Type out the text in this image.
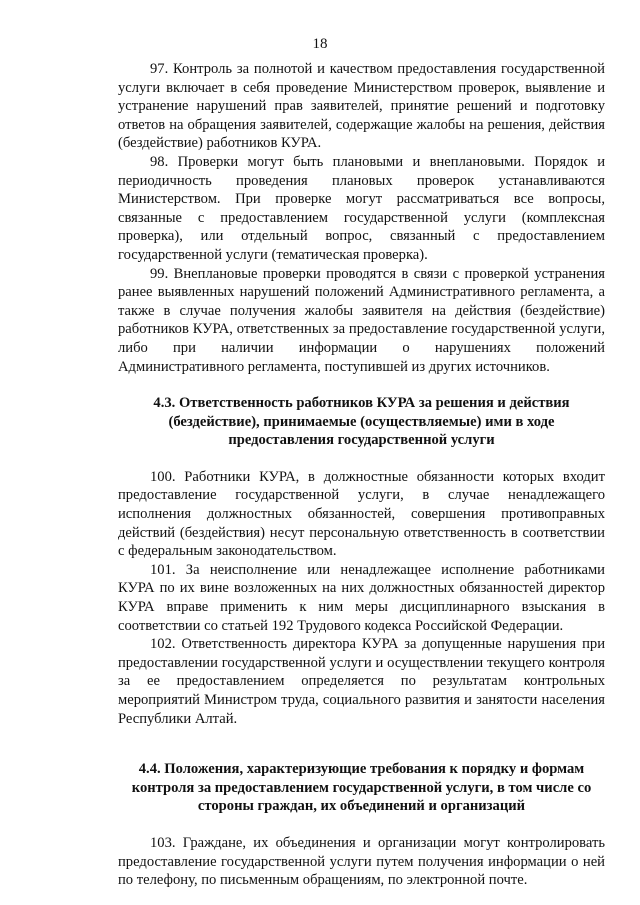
18

97. Контроль за полнотой и качеством предоставления государственной услуги включает в себя проведение Министерством проверок, выявление и устранение нарушений прав заявителей, принятие решений и подготовку ответов на обращения заявителей, содержащие жалобы на решения, действия (бездействие) работников КУРА.

98. Проверки могут быть плановыми и внеплановыми. Порядок и периодичность проведения плановых проверок устанавливаются Министерством. При проверке могут рассматриваться все вопросы, связанные с предоставлением государственной услуги (комплексная проверка), или отдельный вопрос, связанный с предоставлением государственной услуги (тематическая проверка).

99. Внеплановые проверки проводятся в связи с проверкой устранения ранее выявленных нарушений положений Административного регламента, а также в случае получения жалобы заявителя на действия (бездействие) работников КУРА, ответственных за предоставление государственной услуги, либо при наличии информации о нарушениях положений Административного регламента, поступившей из других источников.

4.3. Ответственность работников КУРА за решения и действия (бездействие), принимаемые (осуществляемые) ими в ходе предоставления государственной услуги

100. Работники КУРА, в должностные обязанности которых входит предоставление государственной услуги, в случае ненадлежащего исполнения должностных обязанностей, совершения противоправных действий (бездействия) несут персональную ответственность в соответствии с федеральным законодательством.

101. За неисполнение или ненадлежащее исполнение работниками КУРА по их вине возложенных на них должностных обязанностей директор КУРА вправе применить к ним меры дисциплинарного взыскания в соответствии со статьей 192 Трудового кодекса Российской Федерации.

102. Ответственность директора КУРА за допущенные нарушения при предоставлении государственной услуги и осуществлении текущего контроля за ее предоставлением определяется по результатам контрольных мероприятий Министром труда, социального развития и занятости населения Республики Алтай.

4.4. Положения, характеризующие требования к порядку и формам контроля за предоставлением государственной услуги, в том числе со стороны граждан, их объединений и организаций

103. Граждане, их объединения и организации могут контролировать предоставление государственной услуги путем получения информации о ней по телефону, по письменным обращениям, по электронной почте.
